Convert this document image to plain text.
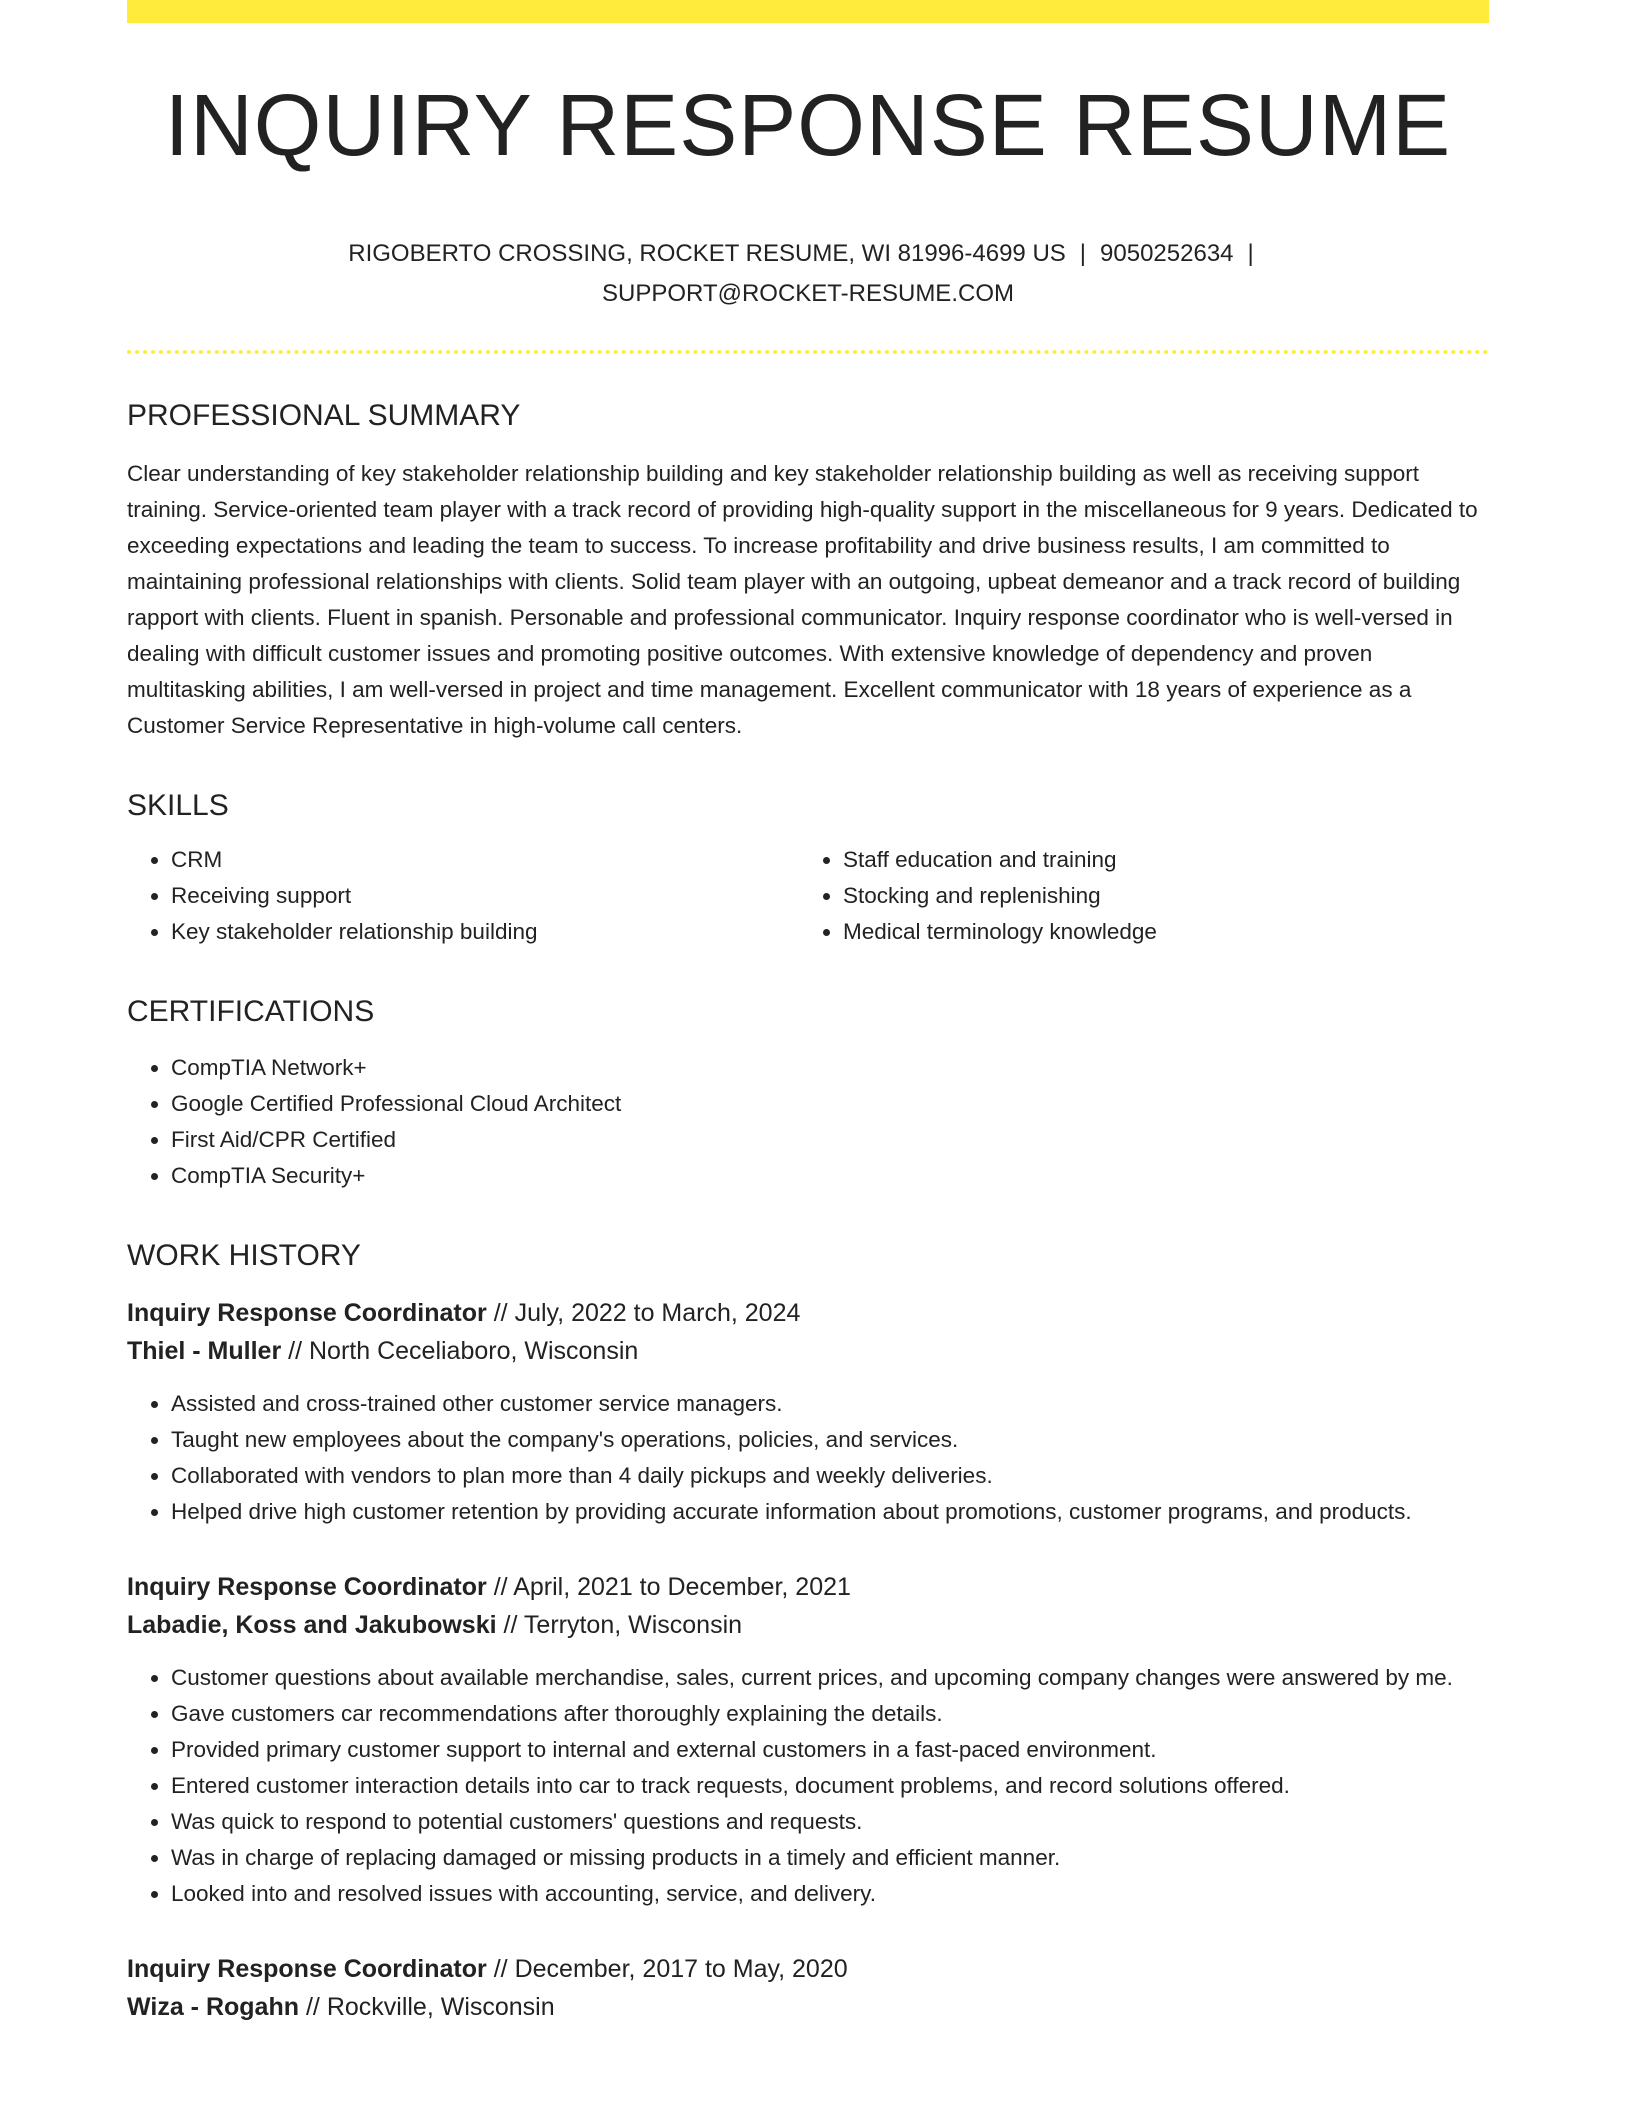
INQUIRY RESPONSE RESUME
RIGOBERTO CROSSING, ROCKET RESUME, WI 81996-4699 US | 9050252634 |
SUPPORT@ROCKET-RESUME.COM
PROFESSIONAL SUMMARY

Clear understanding of key stakeholder relationship building and key stakeholder relationship building as well as receiving support training. Service-oriented team player with a track record of providing high-quality support in the miscellaneous for 9 years. Dedicated to exceeding expectations and leading the team to success. To increase profitability and drive business results, I am committed to maintaining professional relationships with clients. Solid team player with an outgoing, upbeat demeanor and a track record of building rapport with clients. Fluent in spanish. Personable and professional communicator. Inquiry response coordinator who is well-versed in dealing with difficult customer issues and promoting positive outcomes. With extensive knowledge of dependency and proven multitasking abilities, I am well-versed in project and time management. Excellent communicator with 18 years of experience as a Customer Service Representative in high-volume call centers.

SKILLS
• CRM
• Receiving support
• Key stakeholder relationship building
• Staff education and training
• Stocking and replenishing
• Medical terminology knowledge
CERTIFICATIONS
• CompTIA Network+
• Google Certified Professional Cloud Architect
• First Aid/CPR Certified
• CompTIA Security+
WORK HISTORY
Inquiry Response Coordinator // July, 2022 to March, 2024
Thiel - Muller // North Ceceliaboro, Wisconsin
• Assisted and cross-trained other customer service managers.
• Taught new employees about the company's operations, policies, and services.
• Collaborated with vendors to plan more than 4 daily pickups and weekly deliveries.
• Helped drive high customer retention by providing accurate information about promotions, customer programs, and products.
Inquiry Response Coordinator // April, 2021 to December, 2021
Labadie, Koss and Jakubowski // Terryton, Wisconsin
• Customer questions about available merchandise, sales, current prices, and upcoming company changes were answered by me.
• Gave customers car recommendations after thoroughly explaining the details.
• Provided primary customer support to internal and external customers in a fast-paced environment.
• Entered customer interaction details into car to track requests, document problems, and record solutions offered.
• Was quick to respond to potential customers' questions and requests.
• Was in charge of replacing damaged or missing products in a timely and efficient manner.
• Looked into and resolved issues with accounting, service, and delivery.
Inquiry Response Coordinator // December, 2017 to May, 2020
Wiza - Rogahn // Rockville, Wisconsin
